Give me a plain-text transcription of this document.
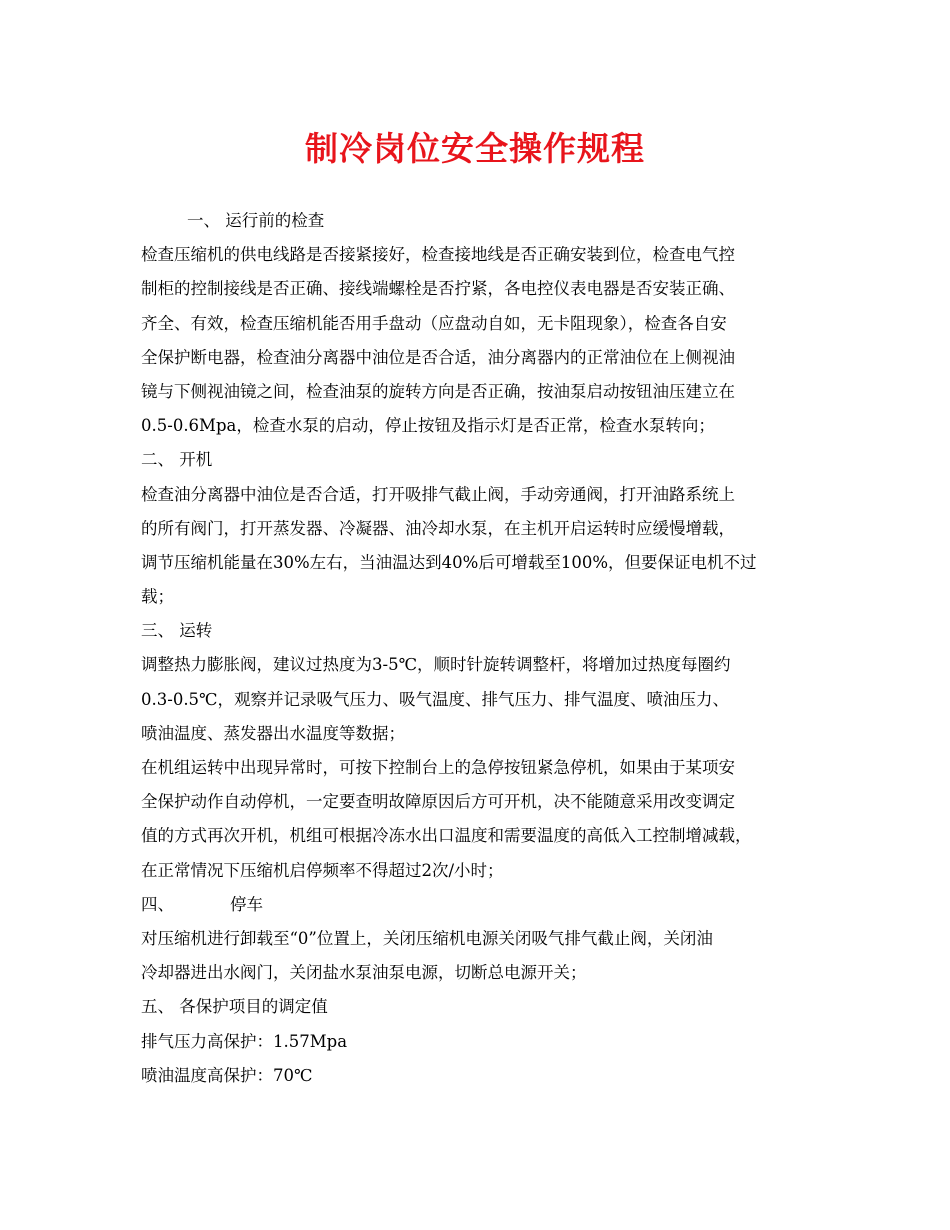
制冷岗位安全操作规程
一、 运行前的检查
检查压缩机的供电线路是否接紧接好，检查接地线是否正确安装到位，检查电气控
制柜的控制接线是否正确、接线端螺栓是否拧紧，各电控仪表电器是否安装正确、
齐全、有效，检查压缩机能否用手盘动（应盘动自如，无卡阻现象），检查各自安
全保护断电器，检查油分离器中油位是否合适，油分离器内的正常油位在上侧视油
镜与下侧视油镜之间，检查油泵的旋转方向是否正确，按油泵启动按钮油压建立在
0.5-0.6Mpa，检查水泵的启动，停止按钮及指示灯是否正常，检查水泵转向；
二、 开机
检查油分离器中油位是否合适，打开吸排气截止阀，手动旁通阀，打开油路系统上
的所有阀门，打开蒸发器、冷凝器、油冷却水泵，在主机开启运转时应缓慢增载，
调节压缩机能量在30%左右，当油温达到40%后可增载至100%，但要保证电机不过
载；
三、 运转
调整热力膨胀阀，建议过热度为3-5℃，顺时针旋转调整杆，将增加过热度每圈约
0.3-0.5℃，观察并记录吸气压力、吸气温度、排气压力、排气温度、喷油压力、
喷油温度、蒸发器出水温度等数据；
在机组运转中出现异常时，可按下控制台上的急停按钮紧急停机，如果由于某项安
全保护动作自动停机，一定要查明故障原因后方可开机，决不能随意采用改变调定
值的方式再次开机，机组可根据冷冻水出口温度和需要温度的高低入工控制增减载，
在正常情况下压缩机启停频率不得超过2次/小时；
四、	停车
对压缩机进行卸载至“0”位置上，关闭压缩机电源关闭吸气排气截止阀，关闭油
冷却器进出水阀门，关闭盐水泵油泵电源，切断总电源开关；
五、 各保护项目的调定值
排气压力高保护：1.57Mpa
喷油温度高保护：70℃
